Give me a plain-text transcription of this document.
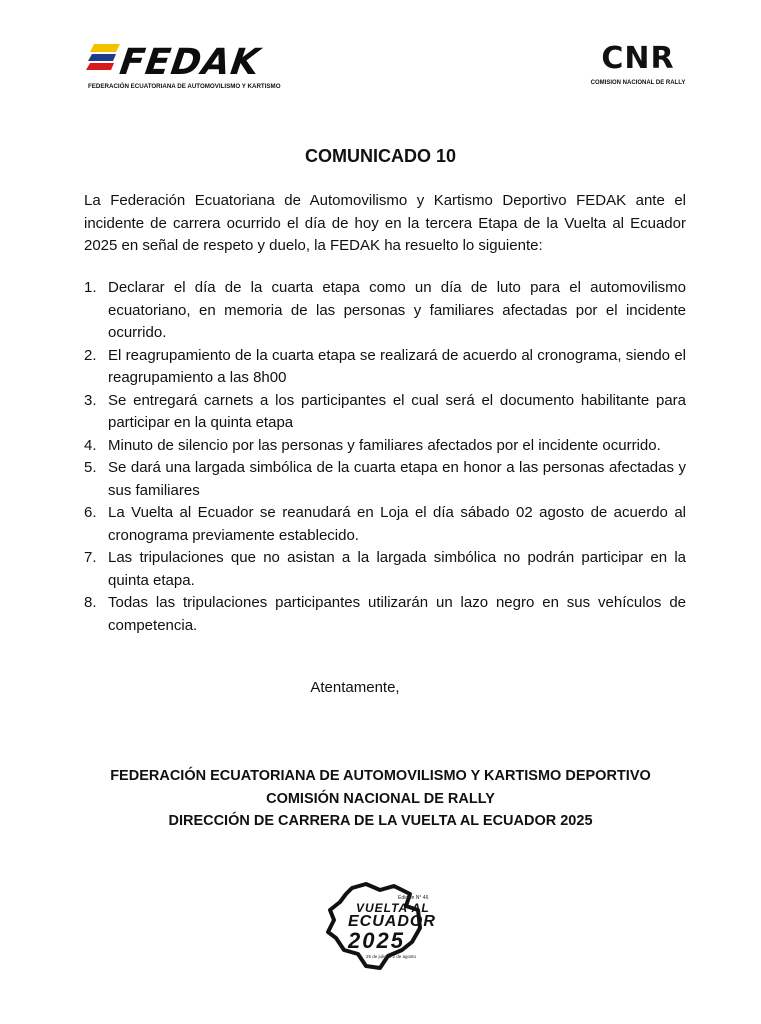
FEDAK
FEDERACIÓN ECUATORIANA DE AUTOMOVILISMO Y KARTISMO
CNR
COMISION NACIONAL DE RALLY
COMUNICADO 10

La Federación Ecuatoriana de Automovilismo y Kartismo Deportivo FEDAK ante el incidente de carrera ocurrido el día de hoy en la tercera Etapa de la Vuelta al Ecuador 2025 en señal de respeto y duelo, la FEDAK ha resuelto lo siguiente:

1. Declarar el día de la cuarta etapa como un día de luto para el automovilismo ecuatoriano, en memoria de las personas y familiares afectadas por el incidente ocurrido.
2. El reagrupamiento de la cuarta etapa se realizará de acuerdo al cronograma, siendo el reagrupamiento a las 8h00
3. Se entregará carnets a los participantes el cual será el documento habilitante para participar en la quinta etapa
4. Minuto de silencio por las personas y familiares afectados por el incidente ocurrido.
5. Se dará una largada simbólica de la cuarta etapa en honor a las personas afectadas y sus familiares
6. La Vuelta al Ecuador se reanudará en Loja el día sábado 02 agosto de acuerdo al cronograma previamente establecido.
7. Las tripulaciones que no asistan a la largada simbólica no podrán participar en la quinta etapa.
8. Todas las tripulaciones participantes utilizarán un lazo negro en sus vehículos de competencia.

Atentamente,

FEDERACIÓN ECUATORIANA DE AUTOMOVILISMO Y KARTISMO DEPORTIVO
COMISIÓN NACIONAL DE RALLY
DIRECCIÓN DE CARRERA DE LA VUELTA AL ECUADOR 2025
Edición N° 46
VUELTA AL
ECUADOR
2025
25 de julio al 2 de agosto
